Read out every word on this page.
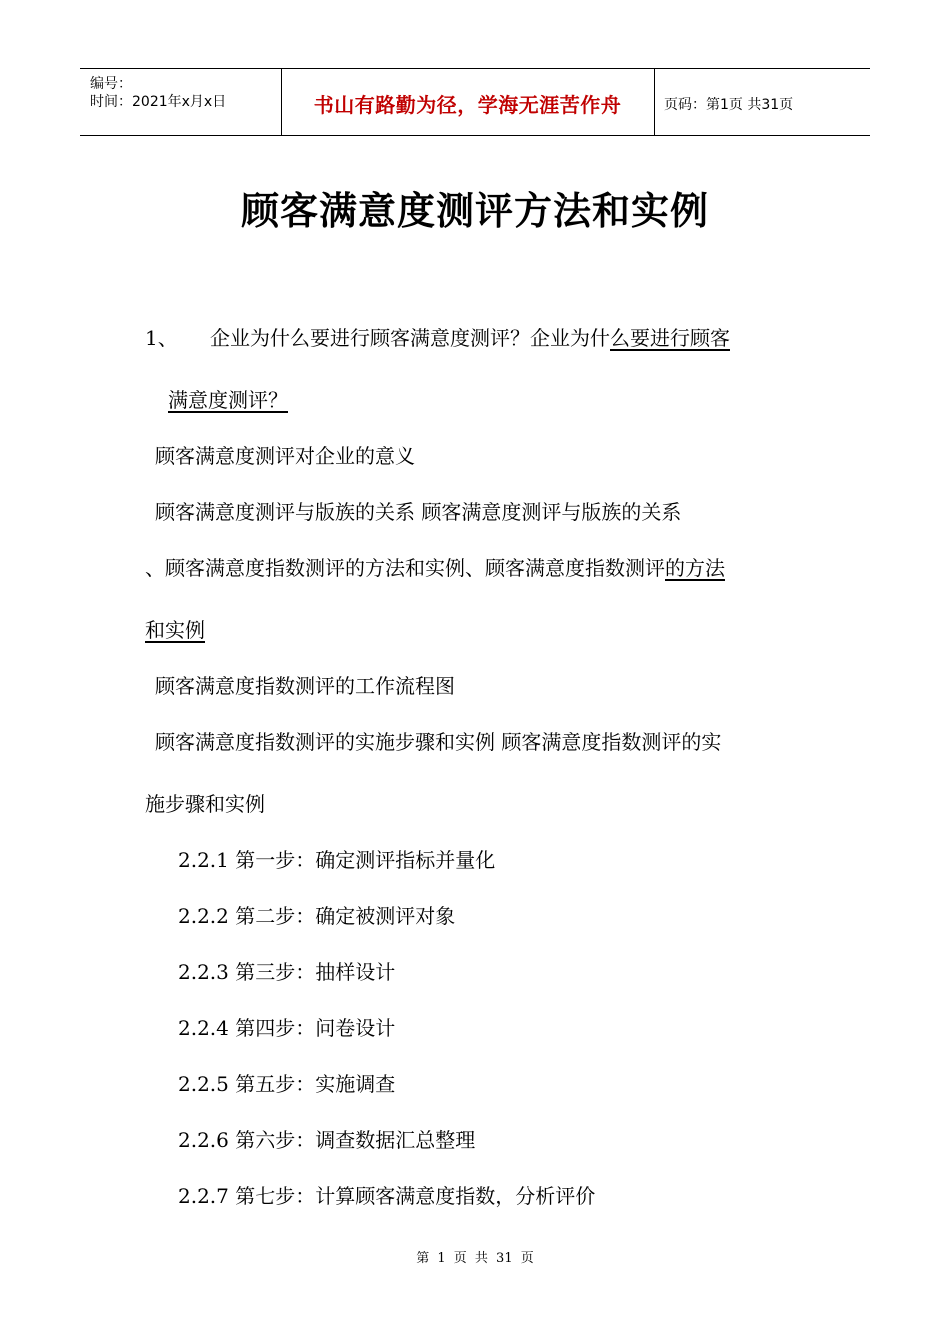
编号：
时间：2021年x月x日	书山有路勤为径，学海无涯苦作舟	页码：第1页 共31页
顾客满意度测评方法和实例
1、 企业为什么要进行顾客满意度测评？企业为什么要进行顾客
满意度测评？
顾客满意度测评对企业的意义
顾客满意度测评与版族的关系 顾客满意度测评与版族的关系
、顾客满意度指数测评的方法和实例、顾客满意度指数测评的方法
和实例
顾客满意度指数测评的工作流程图
顾客满意度指数测评的实施步骤和实例 顾客满意度指数测评的实
施步骤和实例
2.2.1 第一步：确定测评指标并量化
2.2.2 第二步：确定被测评对象
2.2.3 第三步：抽样设计
2.2.4 第四步：问卷设计
2.2.5 第五步：实施调查
2.2.6 第六步：调查数据汇总整理
2.2.7 第七步：计算顾客满意度指数，分析评价
第 1 页 共 31 页
